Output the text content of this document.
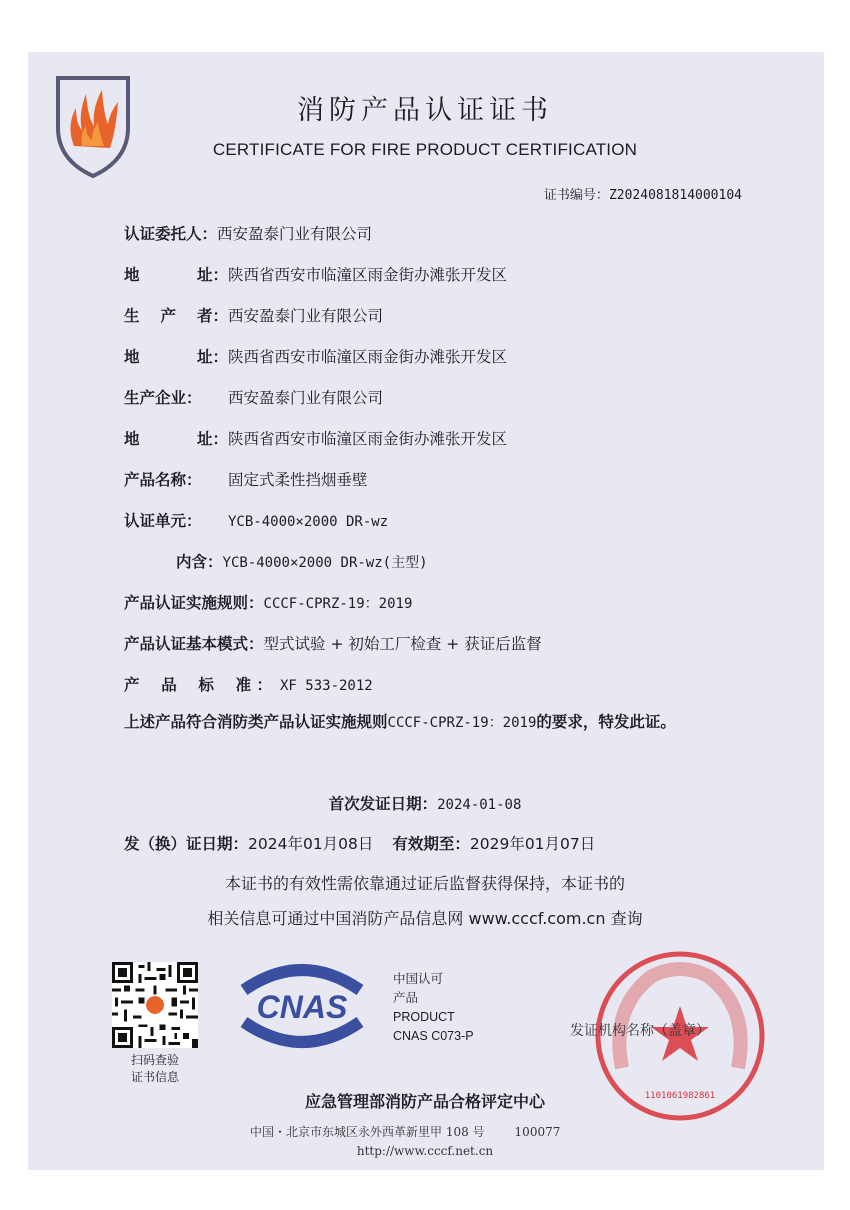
消防产品认证证书
CERTIFICATE FOR FIRE PRODUCT CERTIFICATION
证书编号：Z2024081814000104
认证委托人：西安盈泰门业有限公司
地	址： 陕西省西安市临潼区雨金街办滩张开发区
生 产 者： 西安盈泰门业有限公司
地	址： 陕西省西安市临潼区雨金街办滩张开发区
生产企业： 西安盈泰门业有限公司
地	址： 陕西省西安市临潼区雨金街办滩张开发区
产品名称： 固定式柔性挡烟垂壁
认证单元： YCB-4000×2000 DR-wz
内含：YCB-4000×2000 DR-wz(主型)
产品认证实施规则：CCCF-CPRZ-19：2019
产品认证基本模式：型式试验 + 初始工厂检查 + 获证后监督
产 品 标 准 ： XF 533-2012
上述产品符合消防类产品认证实施规则CCCF-CPRZ-19：2019的要求，特发此证。
首次发证日期：2024-01-08
发（换）证日期：2024年01月08日 有效期至：2029年01月07日
本证书的有效性需依靠通过证后监督获得保持，本证书的
相关信息可通过中国消防产品信息网 www.cccf.com.cn 查询
扫码查验
证书信息
CNAS
中国认可
产品
PRODUCT
CNAS C073-P
1101061982861
发证机构名称（盖章）
应急管理部消防产品合格评定中心
中国・北京市东城区永外西革新里甲 108 号	100077
http://www.cccf.net.cn
